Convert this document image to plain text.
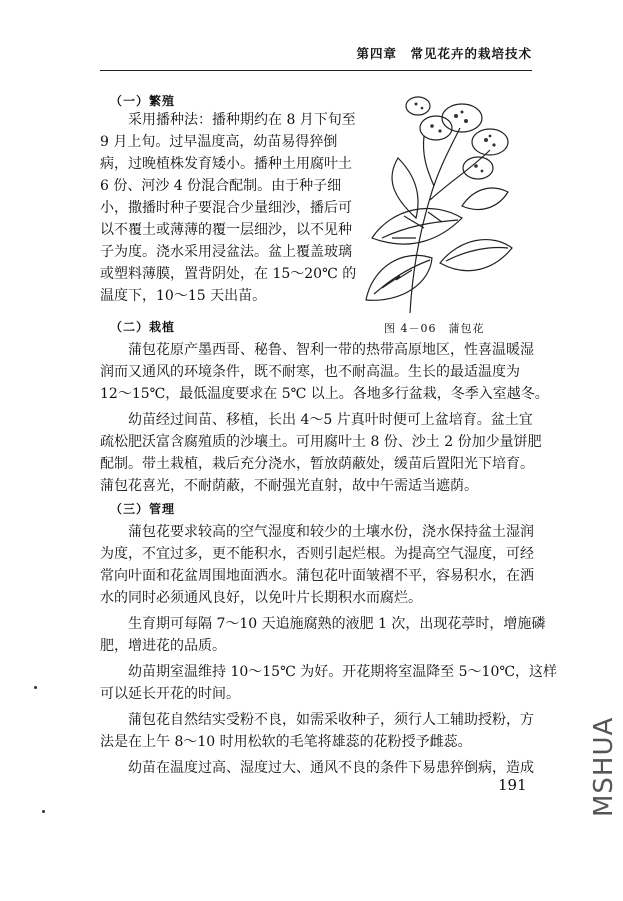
第四章　常见花卉的栽培技术
（一）繁殖
　　采用播种法：播种期约在 8 月下旬至
9 月上旬。过早温度高，幼苗易得猝倒
病，过晚植株发育矮小。播种土用腐叶土
6 份、河沙 4 份混合配制。由于种子细
小，撒播时种子要混合少量细沙，播后可
以不覆土或薄薄的覆一层细沙，以不见种
子为度。浇水采用浸盆法。盆上覆盖玻璃
或塑料薄膜，置背阴处，在 15～20℃ 的
温度下，10～15 天出苗。
图 4－06　蒲包花
（二）栽植
　　蒲包花原产墨西哥、秘鲁、智利一带的热带高原地区，性喜温暖湿
润而又通风的环境条件，既不耐寒，也不耐高温。生长的最适温度为
12～15℃，最低温度要求在 5℃ 以上。各地多行盆栽，冬季入室越冬。
　　幼苗经过间苗、移植，长出 4～5 片真叶时便可上盆培育。盆土宜
疏松肥沃富含腐殖质的沙壤土。可用腐叶土 8 份、沙土 2 份加少量饼肥
配制。带土栽植，栽后充分浇水，暂放荫蔽处，缓苗后置阳光下培育。
蒲包花喜光，不耐荫蔽，不耐强光直射，故中午需适当遮荫。
（三）管理
　　蒲包花要求较高的空气湿度和较少的土壤水份，浇水保持盆土湿润
为度，不宜过多，更不能积水，否则引起烂根。为提高空气湿度，可经
常向叶面和花盆周围地面洒水。蒲包花叶面皱褶不平，容易积水，在洒
水的同时必须通风良好，以免叶片长期积水而腐烂。
　　生育期可每隔 7～10 天追施腐熟的液肥 1 次，出现花葶时，增施磷
肥，增进花的品质。
　　幼苗期室温维持 10～15℃ 为好。开花期将室温降至 5～10℃，这样
可以延长开花的时间。
　　蒲包花自然结实受粉不良，如需采收种子，须行人工辅助授粉，方
法是在上午 8～10 时用松软的毛笔将雄蕊的花粉授予雌蕊。
　　幼苗在温度过高、湿度过大、通风不良的条件下易患猝倒病，造成
191 MSHUA
